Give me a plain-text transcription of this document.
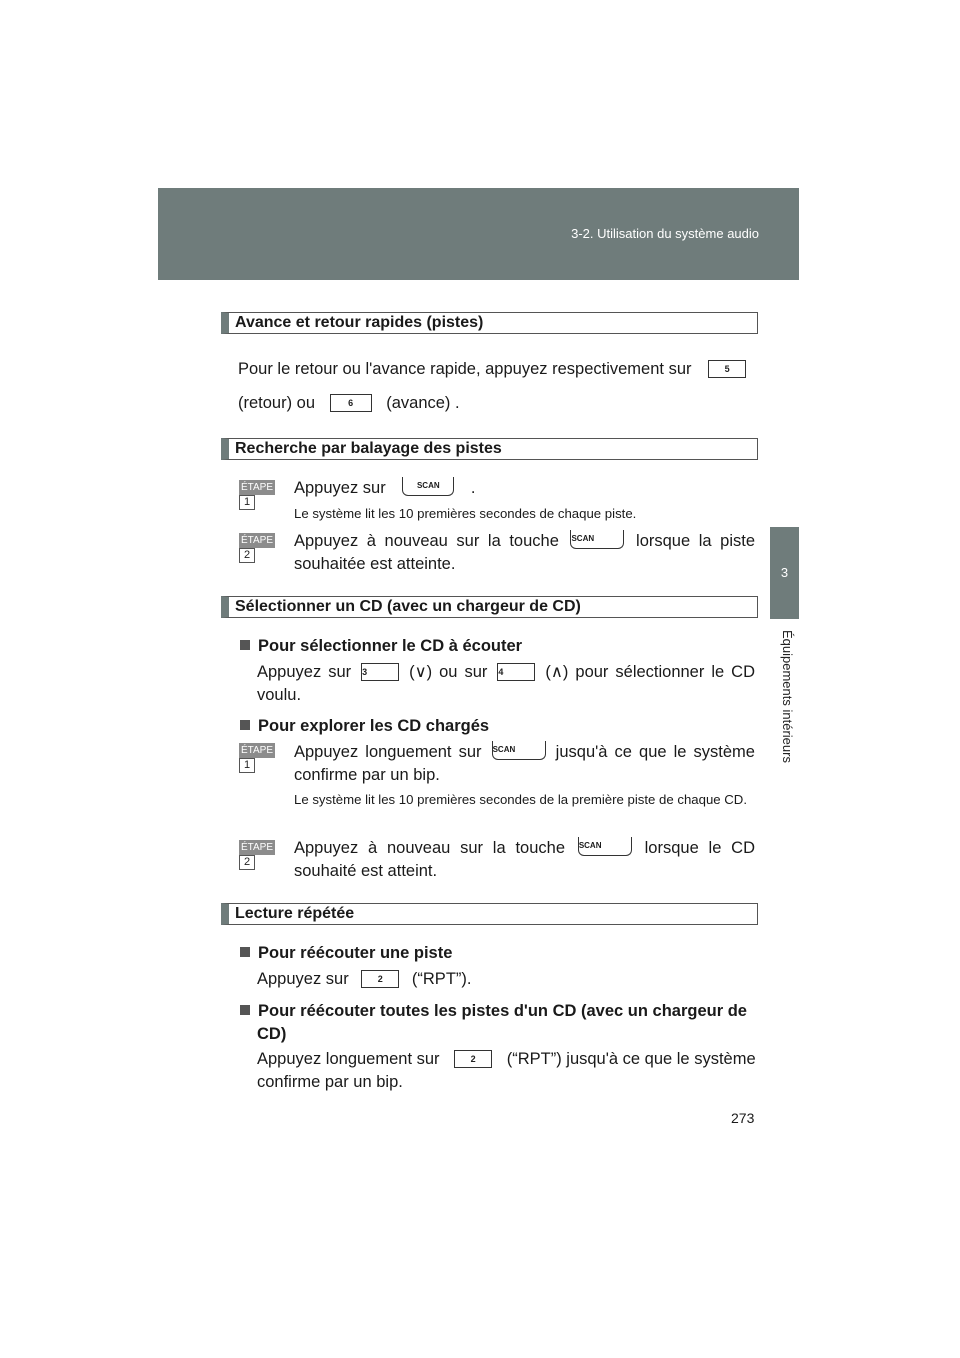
3-2. Utilisation du système audio
3
Équipements intérieurs
Avance et retour rapides (pistes)
Pour le retour ou l'avance rapide, appuyez respectivement sur	5
(retour) ou	6 (avance) .
Recherche par balayage des pistes
ÉTAPE1
Appuyez sur	SCAN .
Le système lit les 10 premières secondes de chaque piste.
ÉTAPE2
Appuyez à nouveau sur la touche SCAN	lorsque la piste
souhaitée est atteinte.
Sélectionner un CD (avec un chargeur de CD)
Pour sélectionner le CD à écouter
Appuyez sur 3	(∨) ou sur 4	(∧) pour sélectionner le CD
voulu.
Pour explorer les CD chargés
ÉTAPE1
Appuyez longuement sur SCAN jusqu'à ce que le système
confirme par un bip.
Le système lit les 10 premières secondes de la première piste de chaque CD.
ÉTAPE2
Appuyez à nouveau sur la touche SCAN	lorsque le CD
souhaité est atteint.
Lecture répétée
Pour réécouter une piste
Appuyez sur	2 (“RPT”).
Pour réécouter toutes les pistes d'un CD (avec un chargeur de
CD)
Appuyez longuement sur	2 (“RPT”) jusqu'à ce que le système
confirme par un bip.
273
